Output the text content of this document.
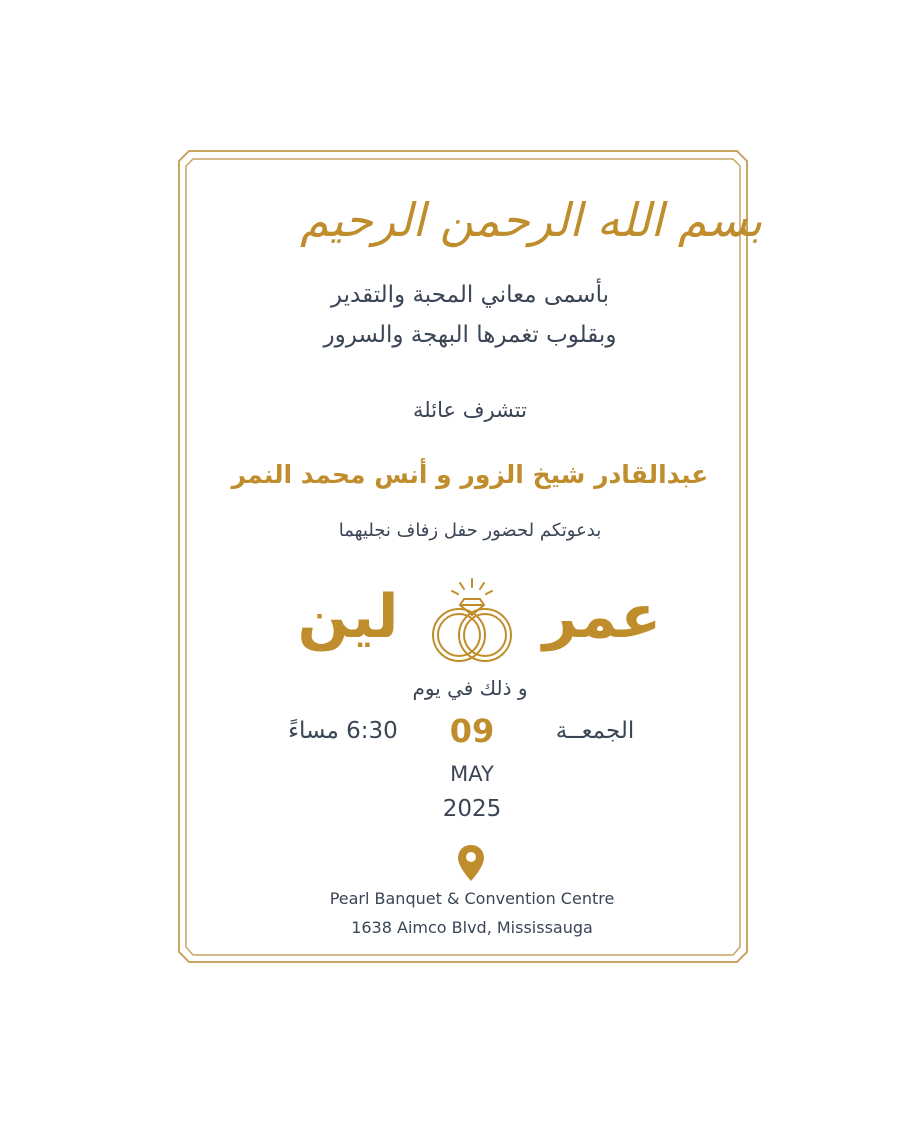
بسم الله الرحمن الرحيم
بأسمى معاني المحبة والتقدير
وبقلوب تغمرها البهجة والسرور
تتشرف عائلة
عبدالقادر شيخ الزور و أنس محمد النمر
بدعوتكم لحضور حفل زفاف نجليهما
عمر
لين
و ذلك في يوم
الجمعــة
09
6:30 مساءً
MAY
2025
Pearl Banquet & Convention Centre
1638 Aimco Blvd, Mississauga
